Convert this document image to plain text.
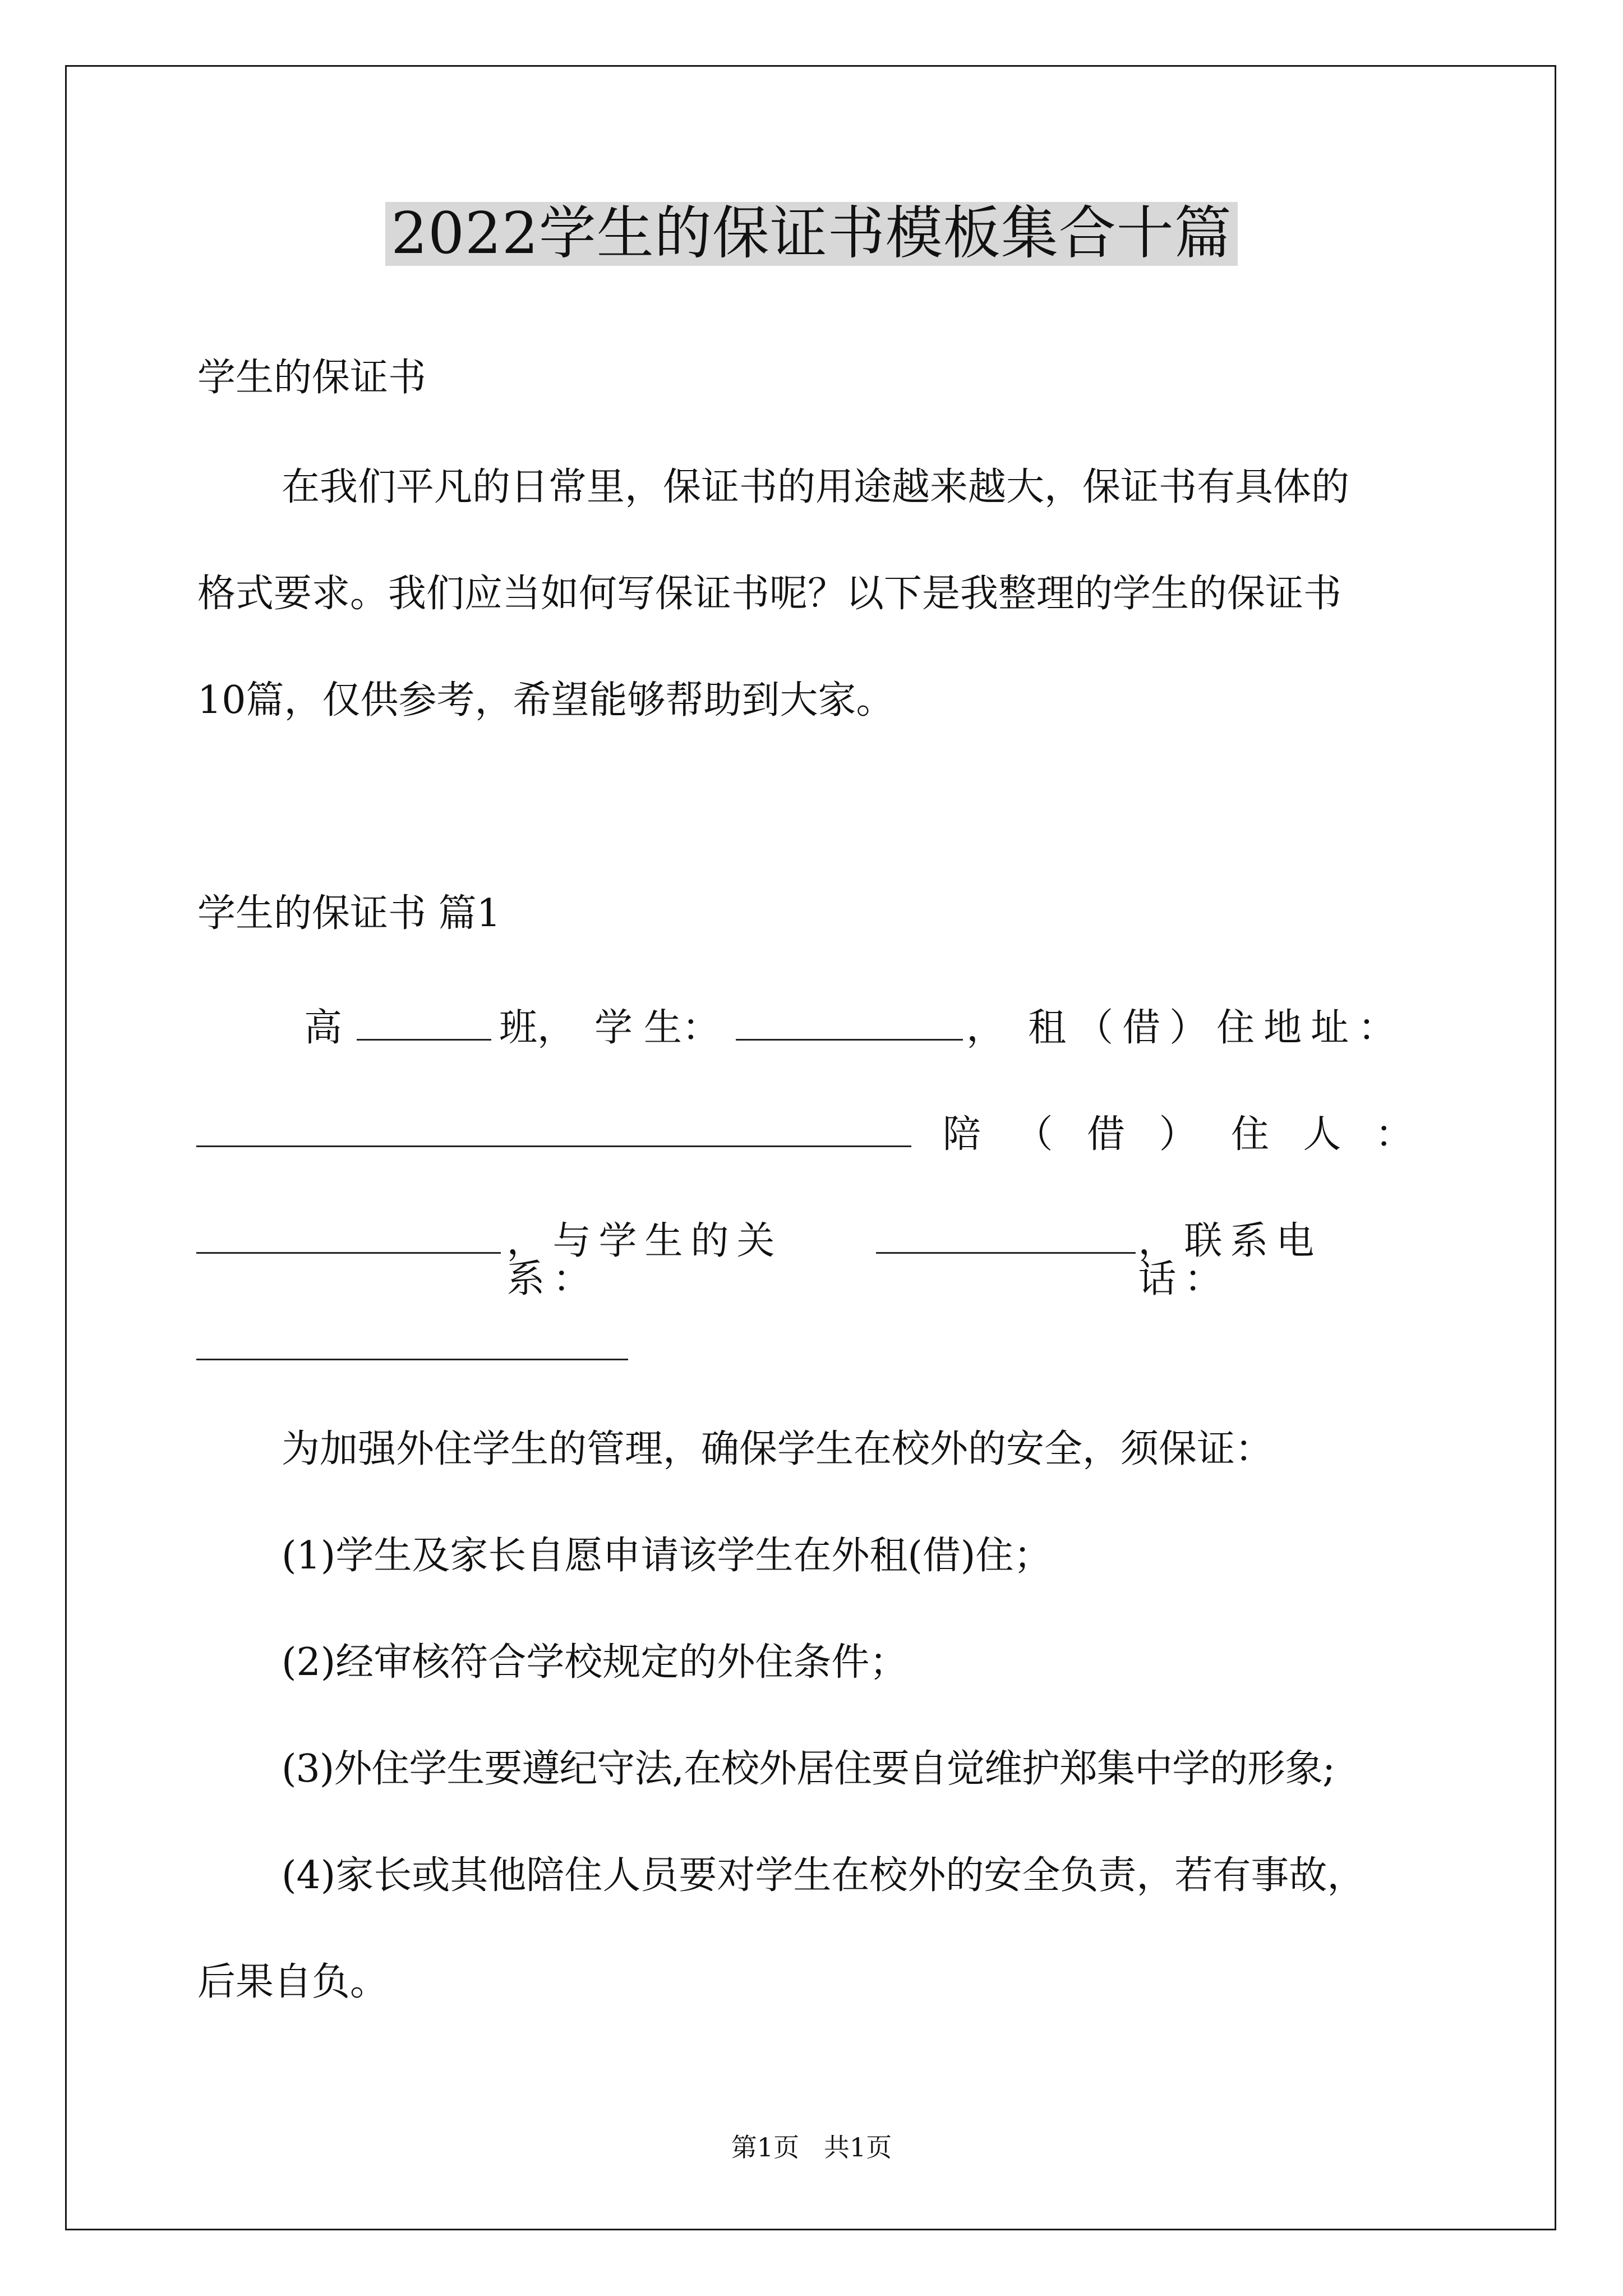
2022学生的保证书模板集合十篇
学生的保证书
在我们平凡的日常里，保证书的用途越来越大，保证书有具体的
格式要求。我们应当如何写保证书呢？以下是我整理的学生的保证书
10篇，仅供参考，希望能够帮助到大家。
学生的保证书 篇1
高	班， 学 生：	， 租（借）住地址：
陪 （ 借 ） 住 人 ：
，与学生的关系：
，联系电话：
为加强外住学生的管理，确保学生在校外的安全，须保证：
(1)学生及家长自愿申请该学生在外租(借)住；
(2)经审核符合学校规定的外住条件；
(3)外住学生要遵纪守法,在校外居住要自觉维护郑集中学的形象;
(4)家长或其他陪住人员要对学生在校外的安全负责，若有事故，
后果自负。
第1页   共1页
